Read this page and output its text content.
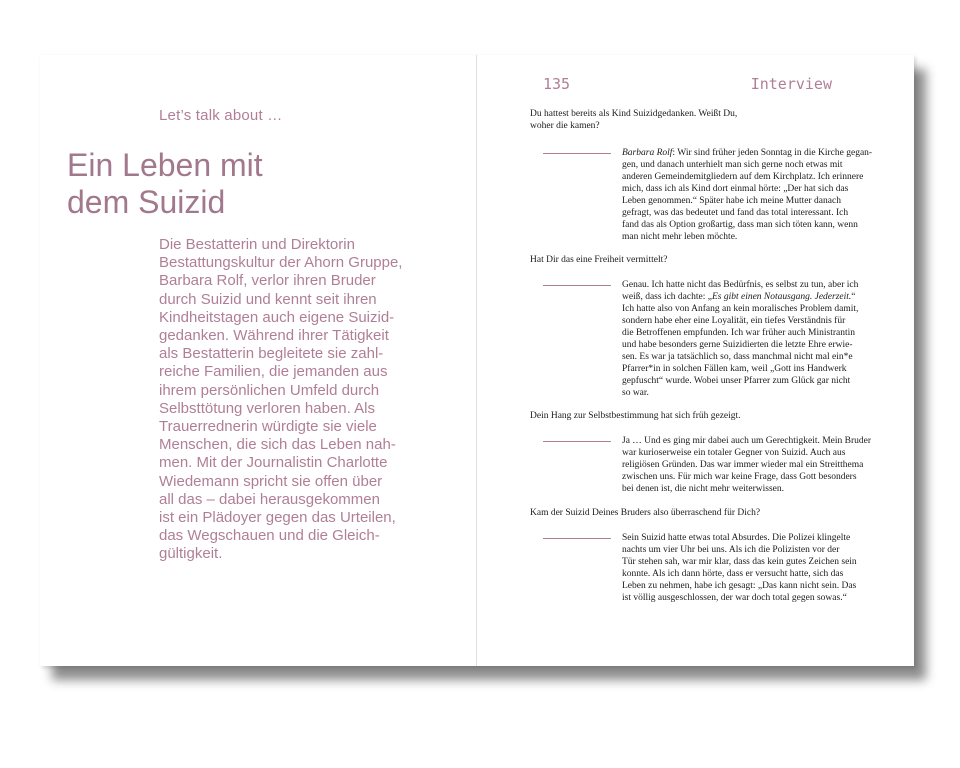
Let’s talk about …
Ein Leben mit
dem Suizid
Die Bestatterin und Direktorin
Bestattungskultur der Ahorn Gruppe,
Barbara Rolf, verlor ihren Bruder
durch Suizid und kennt seit ihren
Kindheitstagen auch eigene Suizid-
gedanken. Während ihrer Tätigkeit
als Bestatterin begleitete sie zahl-
reiche Familien, die jemanden aus
ihrem persönlichen Umfeld durch
Selbsttötung verloren haben. Als
Trauerrednerin würdigte sie viele
Menschen, die sich das Leben nah-
men. Mit der Journalistin Charlotte
Wiedemann spricht sie offen über
all das – dabei herausgekommen
ist ein Plädoyer gegen das Urteilen,
das Wegschauen und die Gleich-
gültigkeit.
135	Interview
Du hattest bereits als Kind Suizidgedanken. Weißt Du,
woher die kamen?
Barbara Rolf: Wir sind früher jeden Sonntag in die Kirche gegan-
gen, und danach unterhielt man sich gerne noch etwas mit
anderen Gemeindemitgliedern auf dem Kirchplatz. Ich erinnere
mich, dass ich als Kind dort einmal hörte: „Der hat sich das
Leben genommen.“ Später habe ich meine Mutter danach
gefragt, was das bedeutet und fand das total interessant. Ich
fand das als Option großartig, dass man sich töten kann, wenn
man nicht mehr leben möchte.
Hat Dir das eine Freiheit vermittelt?
Genau. Ich hatte nicht das Bedürfnis, es selbst zu tun, aber ich
weiß, dass ich dachte: „Es gibt einen Notausgang. Jederzeit.“
Ich hatte also von Anfang an kein moralisches Problem damit,
sondern habe eher eine Loyalität, ein tiefes Verständnis für
die Betroffenen empfunden. Ich war früher auch Ministrantin
und habe besonders gerne Suizidierten die letzte Ehre erwie-
sen. Es war ja tatsächlich so, dass manchmal nicht mal ein*e
Pfarrer*in in solchen Fällen kam, weil „Gott ins Handwerk
gepfuscht“ wurde. Wobei unser Pfarrer zum Glück gar nicht
so war.
Dein Hang zur Selbstbestimmung hat sich früh gezeigt.
Ja … Und es ging mir dabei auch um Gerechtigkeit. Mein Bruder
war kurioserweise ein totaler Gegner von Suizid. Auch aus
religiösen Gründen. Das war immer wieder mal ein Streitthema
zwischen uns. Für mich war keine Frage, dass Gott besonders
bei denen ist, die nicht mehr weiterwissen.
Kam der Suizid Deines Bruders also überraschend für Dich?
Sein Suizid hatte etwas total Absurdes. Die Polizei klingelte
nachts um vier Uhr bei uns. Als ich die Polizisten vor der
Tür stehen sah, war mir klar, dass das kein gutes Zeichen sein
konnte. Als ich dann hörte, dass er versucht hatte, sich das
Leben zu nehmen, habe ich gesagt: „Das kann nicht sein. Das
ist völlig ausgeschlossen, der war doch total gegen sowas.“
